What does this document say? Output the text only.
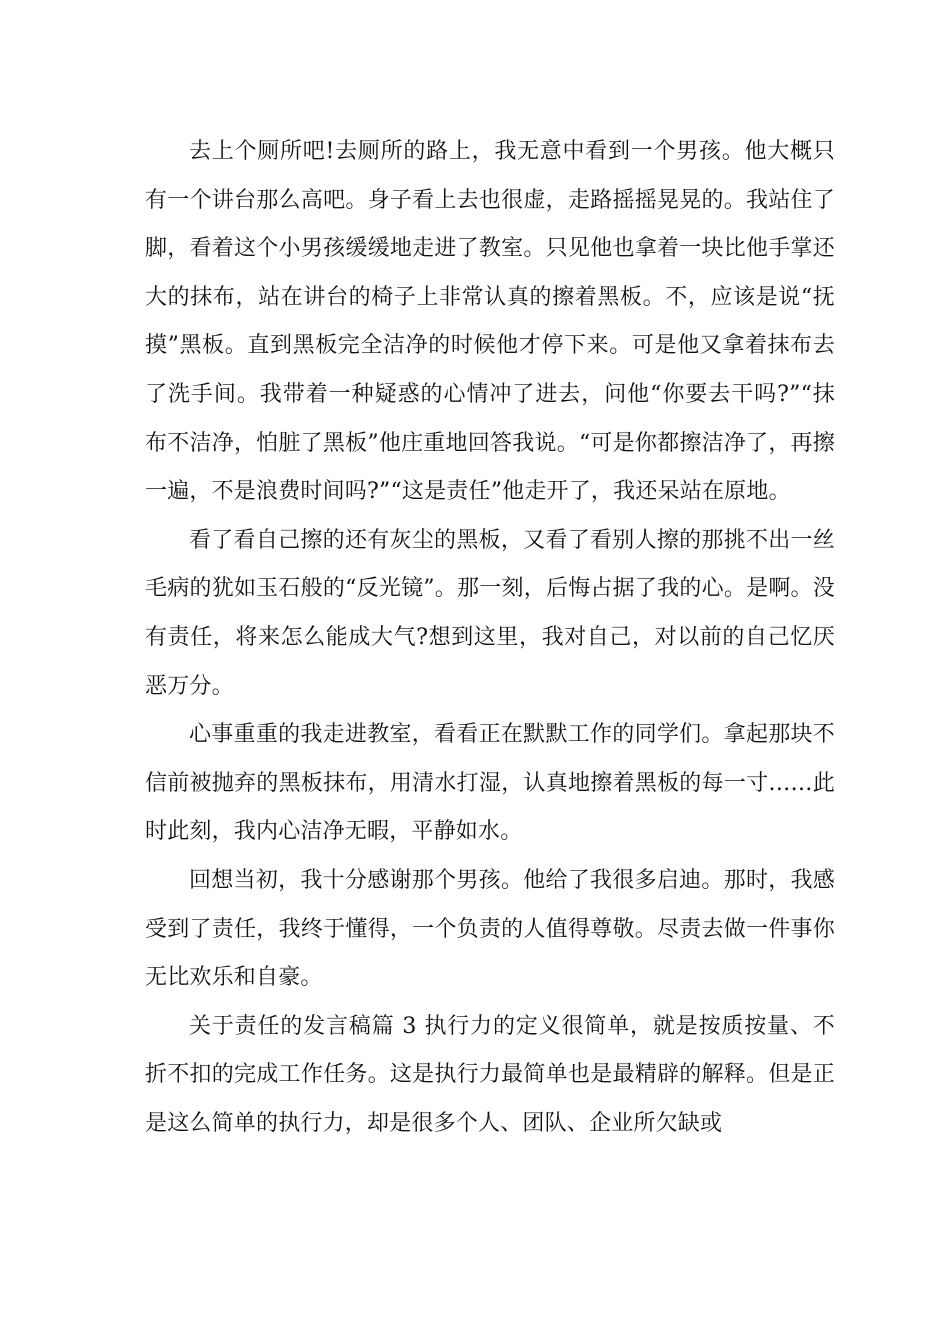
去上个厕所吧!去厕所的路上，我无意中看到一个男孩。他大概只有一个讲台那么高吧。身子看上去也很虚，走路摇摇晃晃的。我站住了脚，看着这个小男孩缓缓地走进了教室。只见他也拿着一块比他手掌还大的抹布，站在讲台的椅子上非常认真的擦着黑板。不，应该是说“抚摸”黑板。直到黑板完全洁净的时候他才停下来。可是他又拿着抹布去了洗手间。我带着一种疑惑的心情冲了进去，问他“你要去干吗?”“抹布不洁净，怕脏了黑板”他庄重地回答我说。“可是你都擦洁净了，再擦一遍，不是浪费时间吗?”“这是责任”他走开了，我还呆站在原地。

看了看自己擦的还有灰尘的黑板，又看了看别人擦的那挑不出一丝毛病的犹如玉石般的“反光镜”。那一刻，后悔占据了我的心。是啊。没有责任，将来怎么能成大气?想到这里，我对自己，对以前的自己忆厌恶万分。

心事重重的我走进教室，看看正在默默工作的同学们。拿起那块不信前被抛弃的黑板抹布，用清水打湿，认真地擦着黑板的每一寸……此时此刻，我内心洁净无暇，平静如水。

回想当初，我十分感谢那个男孩。他给了我很多启迪。那时，我感受到了责任，我终于懂得，一个负责的人值得尊敬。尽责去做一件事你无比欢乐和自豪。

关于责任的发言稿篇 3 执行力的定义很简单，就是按质按量、不折不扣的完成工作任务。这是执行力最简单也是最精辟的解释。但是正是这么简单的执行力，却是很多个人、团队、企业所欠缺或
